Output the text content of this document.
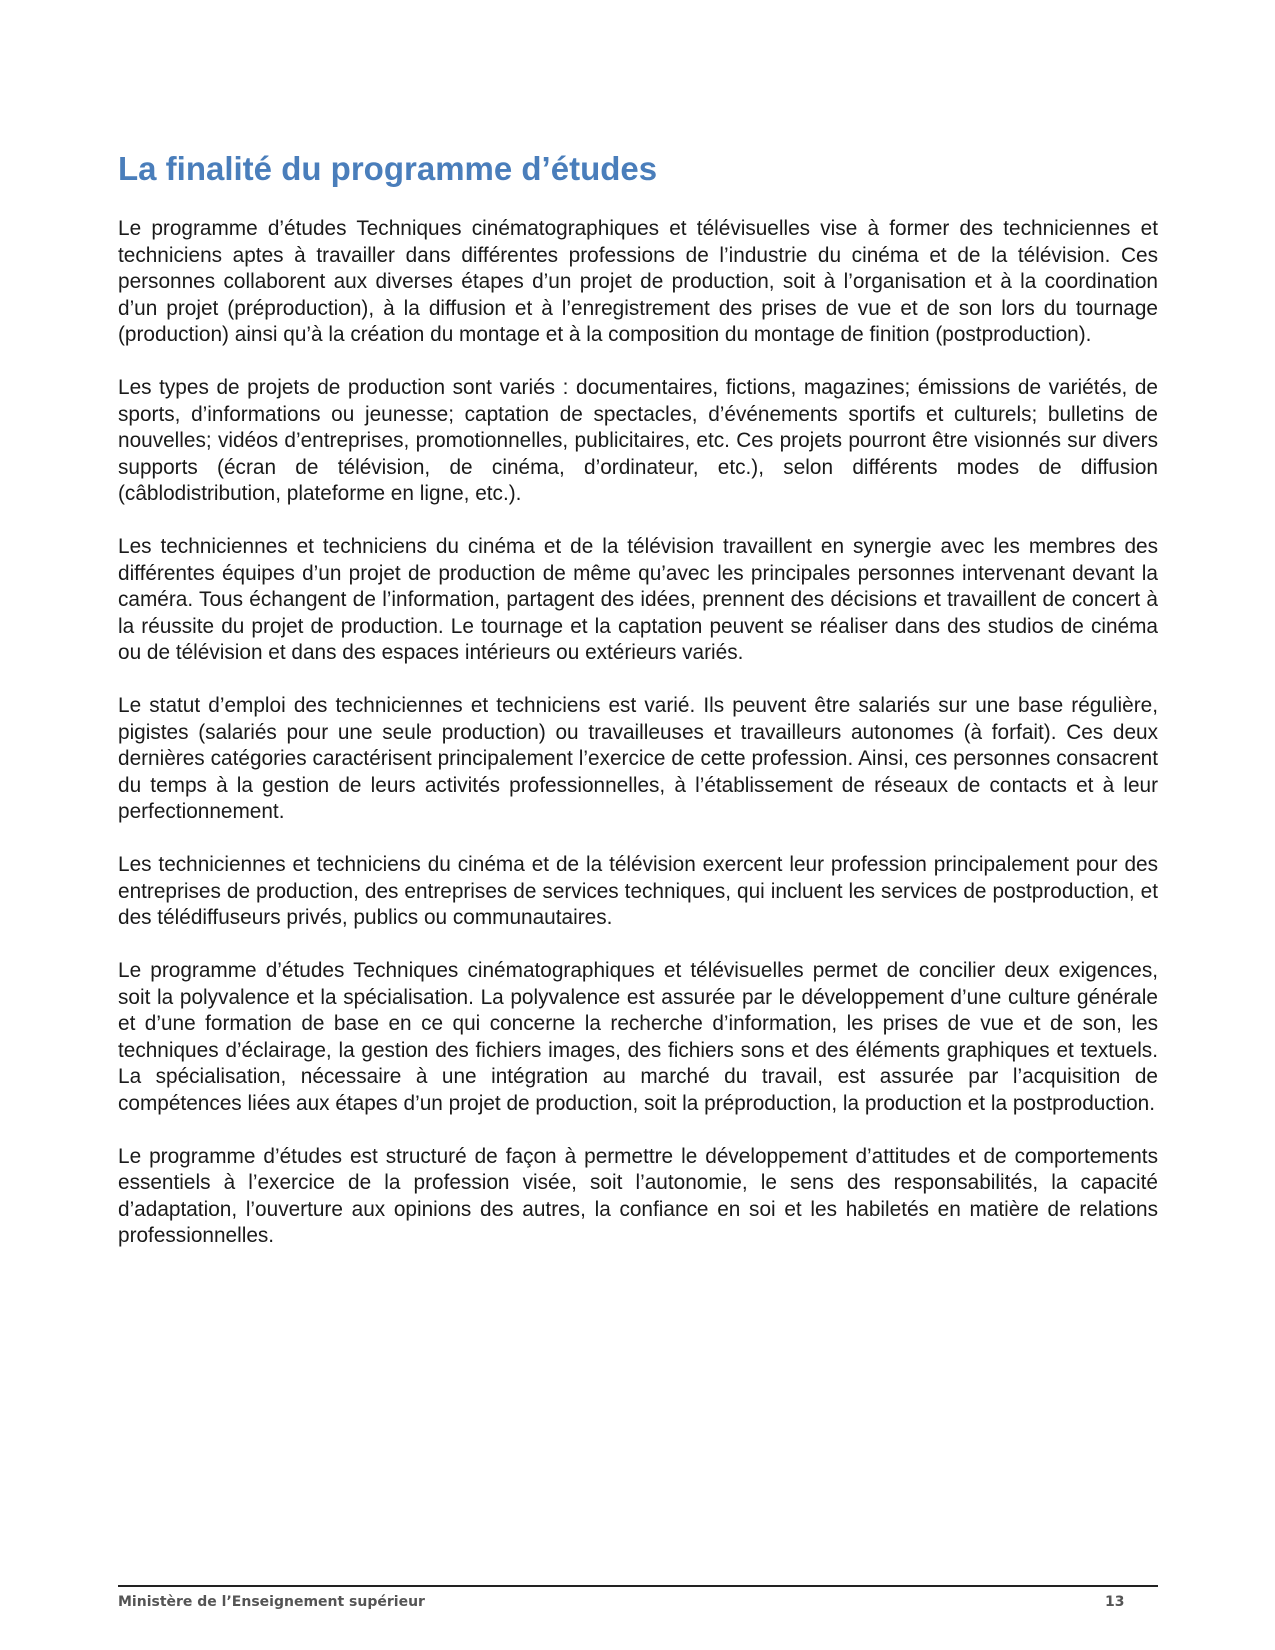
La finalité du programme d’études

Le programme d’études Techniques cinématographiques et télévisuelles vise à former des techniciennes et techniciens aptes à travailler dans différentes professions de l’industrie du cinéma et de la télévision. Ces personnes collaborent aux diverses étapes d’un projet de production, soit à l’organisation et à la coordination d’un projet (préproduction), à la diffusion et à l’enregistrement des prises de vue et de son lors du tournage (production) ainsi qu’à la création du montage et à la composition du montage de finition (postproduction).

Les types de projets de production sont variés : documentaires, fictions, magazines; émissions de variétés, de sports, d’informations ou jeunesse; captation de spectacles, d’événements sportifs et culturels; bulletins de nouvelles; vidéos d’entreprises, promotionnelles, publicitaires, etc. Ces projets pourront être visionnés sur divers supports (écran de télévision, de cinéma, d’ordinateur, etc.), selon différents modes de diffusion (câblodistribution, plateforme en ligne, etc.).

Les techniciennes et techniciens du cinéma et de la télévision travaillent en synergie avec les membres des différentes équipes d’un projet de production de même qu’avec les principales personnes intervenant devant la caméra. Tous échangent de l’information, partagent des idées, prennent des décisions et travaillent de concert à la réussite du projet de production. Le tournage et la captation peuvent se réaliser dans des studios de cinéma ou de télévision et dans des espaces intérieurs ou extérieurs variés.

Le statut d’emploi des techniciennes et techniciens est varié. Ils peuvent être salariés sur une base régulière, pigistes (salariés pour une seule production) ou travailleuses et travailleurs autonomes (à forfait). Ces deux dernières catégories caractérisent principalement l’exercice de cette profession. Ainsi, ces personnes consacrent du temps à la gestion de leurs activités professionnelles, à l’établissement de réseaux de contacts et à leur perfectionnement.

Les techniciennes et techniciens du cinéma et de la télévision exercent leur profession principalement pour des entreprises de production, des entreprises de services techniques, qui incluent les services de postproduction, et des télédiffuseurs privés, publics ou communautaires.

Le programme d’études Techniques cinématographiques et télévisuelles permet de concilier deux exigences, soit la polyvalence et la spécialisation. La polyvalence est assurée par le développement d’une culture générale et d’une formation de base en ce qui concerne la recherche d’information, les prises de vue et de son, les techniques d’éclairage, la gestion des fichiers images, des fichiers sons et des éléments graphiques et textuels. La spécialisation, nécessaire à une intégration au marché du travail, est assurée par l’acquisition de compétences liées aux étapes d’un projet de production, soit la préproduction, la production et la postproduction.

Le programme d’études est structuré de façon à permettre le développement d’attitudes et de comportements essentiels à l’exercice de la profession visée, soit l’autonomie, le sens des responsabilités, la capacité d’adaptation, l’ouverture aux opinions des autres, la confiance en soi et les habiletés en matière de relations professionnelles.

Ministère de l’Enseignement supérieur	13
